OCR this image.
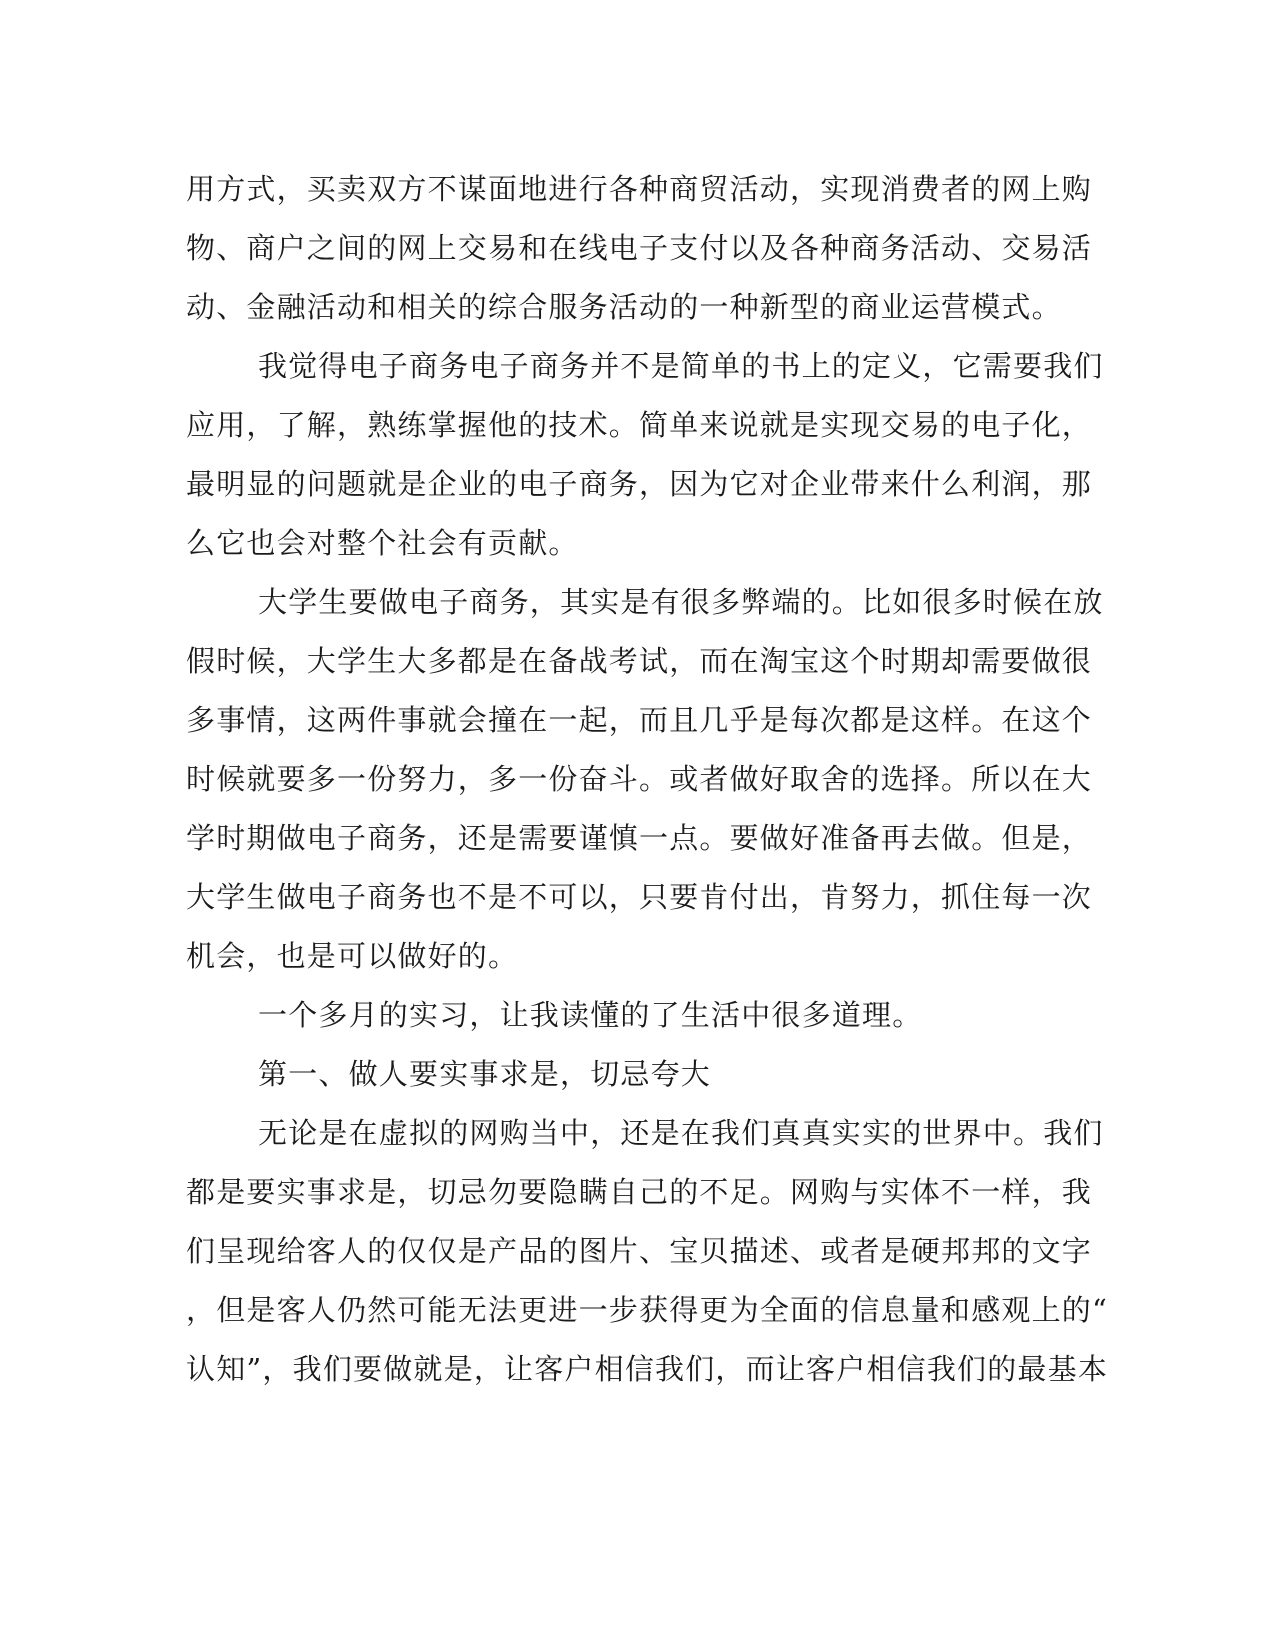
用方式，买卖双方不谋面地进行各种商贸活动，实现消费者的网上购
物、商户之间的网上交易和在线电子支付以及各种商务活动、交易活
动、金融活动和相关的综合服务活动的一种新型的商业运营模式。
我觉得电子商务电子商务并不是简单的书上的定义，它需要我们
应用，了解，熟练掌握他的技术。简单来说就是实现交易的电子化，
最明显的问题就是企业的电子商务，因为它对企业带来什么利润，那
么它也会对整个社会有贡献。
大学生要做电子商务，其实是有很多弊端的。比如很多时候在放
假时候，大学生大多都是在备战考试，而在淘宝这个时期却需要做很
多事情，这两件事就会撞在一起，而且几乎是每次都是这样。在这个
时候就要多一份努力，多一份奋斗。或者做好取舍的选择。所以在大
学时期做电子商务，还是需要谨慎一点。要做好准备再去做。但是，
大学生做电子商务也不是不可以，只要肯付出，肯努力，抓住每一次
机会，也是可以做好的。
一个多月的实习，让我读懂的了生活中很多道理。
第一、做人要实事求是，切忌夸大
无论是在虚拟的网购当中，还是在我们真真实实的世界中。我们
都是要实事求是，切忌勿要隐瞒自己的不足。网购与实体不一样，我
们呈现给客人的仅仅是产品的图片、宝贝描述、或者是硬邦邦的文字
，但是客人仍然可能无法更进一步获得更为全面的信息量和感观上的“
认知”，我们要做就是，让客户相信我们，而让客户相信我们的最基本
